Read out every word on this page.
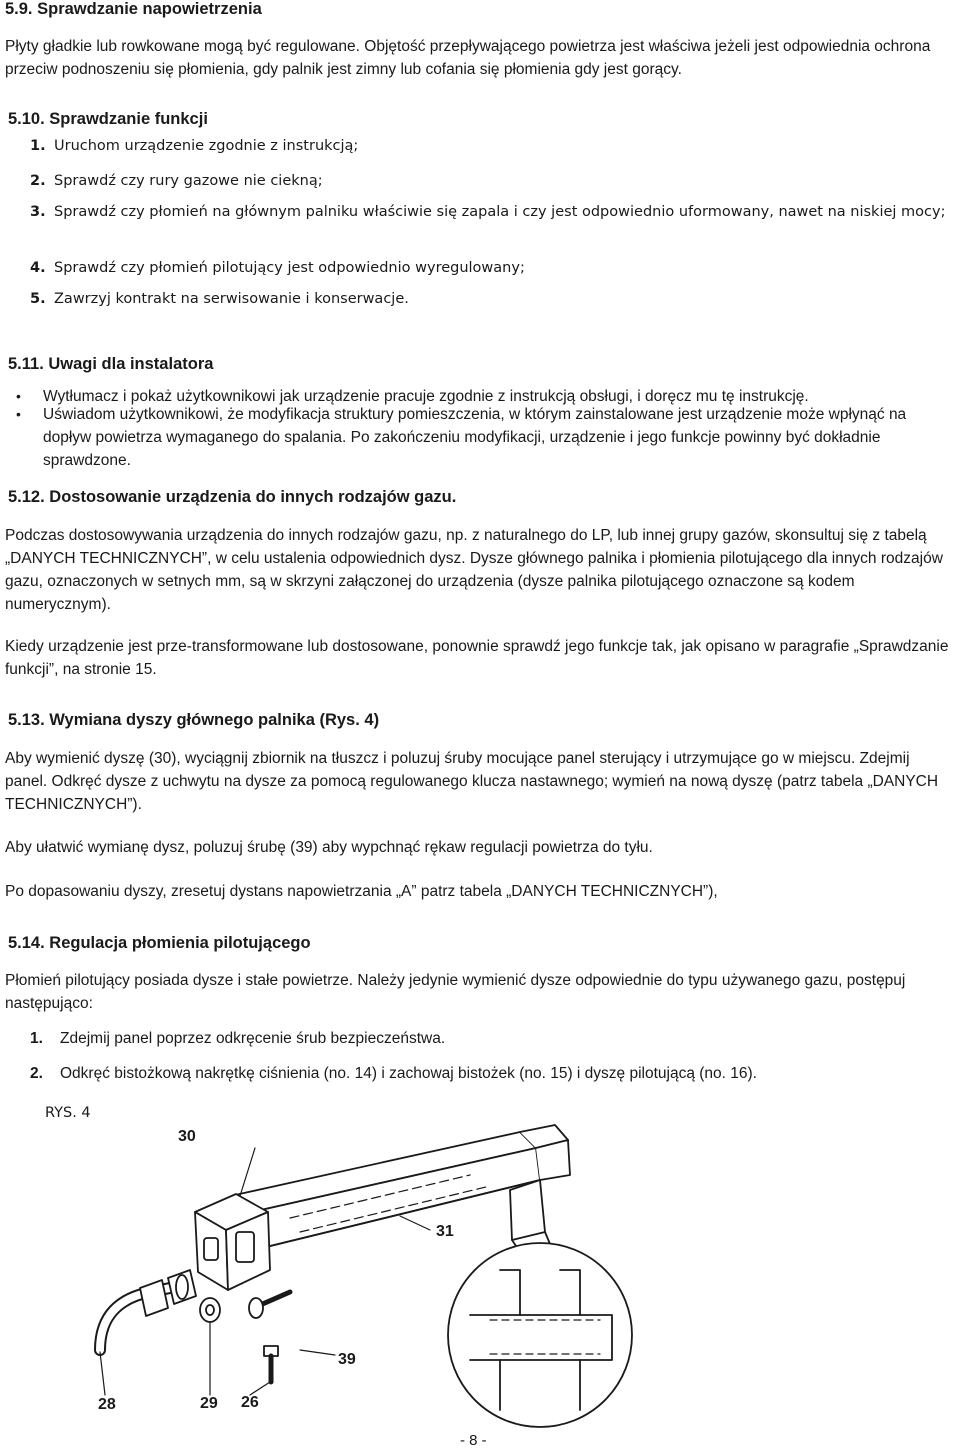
5.9. Sprawdzanie napowietrzenia
Płyty gładkie lub rowkowane mogą być regulowane. Objętość przepływającego powietrza jest właściwa jeżeli jest odpowiednia ochrona przeciw podnoszeniu się płomienia, gdy palnik jest zimny lub cofania się płomienia gdy jest gorący.
5.10. Sprawdzanie funkcji
1. Uruchom urządzenie zgodnie z instrukcją;
2. Sprawdź czy rury gazowe nie ciekną;
3. Sprawdź czy płomień na głównym palniku właściwie się zapala i czy jest odpowiednio uformowany, nawet na niskiej mocy;
4. Sprawdź czy płomień pilotujący jest odpowiednio wyregulowany;
5. Zawrzyj kontrakt na serwisowanie i konserwacje.
5.11. Uwagi dla instalatora
• Wytłumacz i pokaż użytkownikowi jak urządzenie pracuje zgodnie z instrukcją obsługi, i doręcz mu tę instrukcję.
• Uświadom użytkownikowi, że modyfikacja struktury pomieszczenia, w którym zainstalowane jest urządzenie może wpłynąć na dopływ powietrza wymaganego do spalania. Po zakończeniu modyfikacji, urządzenie i jego funkcje powinny być dokładnie sprawdzone.
5.12. Dostosowanie urządzenia do innych rodzajów gazu.
Podczas dostosowywania urządzenia do innych rodzajów gazu, np. z naturalnego do LP, lub innej grupy gazów, skonsultuj się z tabelą „DANYCH TECHNICZNYCH”, w celu ustalenia odpowiednich dysz. Dysze głównego palnika i płomienia pilotującego dla innych rodzajów gazu, oznaczonych w setnych mm, są w skrzyni załączonej do urządzenia (dysze palnika pilotującego oznaczone są kodem numerycznym).
Kiedy urządzenie jest prze-transformowane lub dostosowane, ponownie sprawdź jego funkcje tak, jak opisano w paragrafie „Sprawdzanie funkcji”, na stronie 15.
5.13. Wymiana dyszy głównego palnika (Rys. 4)
Aby wymienić dyszę (30), wyciągnij zbiornik na tłuszcz i poluzuj śruby mocujące panel sterujący i utrzymujące go w miejscu. Zdejmij panel. Odkręć dysze z uchwytu na dysze za pomocą regulowanego klucza nastawnego; wymień na nową dyszę (patrz tabela „DANYCH TECHNICZNYCH”).
Aby ułatwić wymianę dysz, poluzuj śrubę (39) aby wypchnąć rękaw regulacji powietrza do tyłu.
Po dopasowaniu dyszy, zresetuj dystans napowietrzania „A” patrz tabela „DANYCH TECHNICZNYCH”),
5.14. Regulacja płomienia pilotującego
Płomień pilotujący posiada dysze i stałe powietrze. Należy jedynie wymienić dysze odpowiednie do typu używanego gazu, postępuj następująco:
1. Zdejmij panel poprzez odkręcenie śrub bezpieczeństwa.
2. Odkręć bistożkową nakrętkę ciśnienia (no. 14) i zachowaj bistożek (no. 15) i dyszę pilotującą (no. 16).
RYS. 4
30
31
39
28	29 26
- 8 -
